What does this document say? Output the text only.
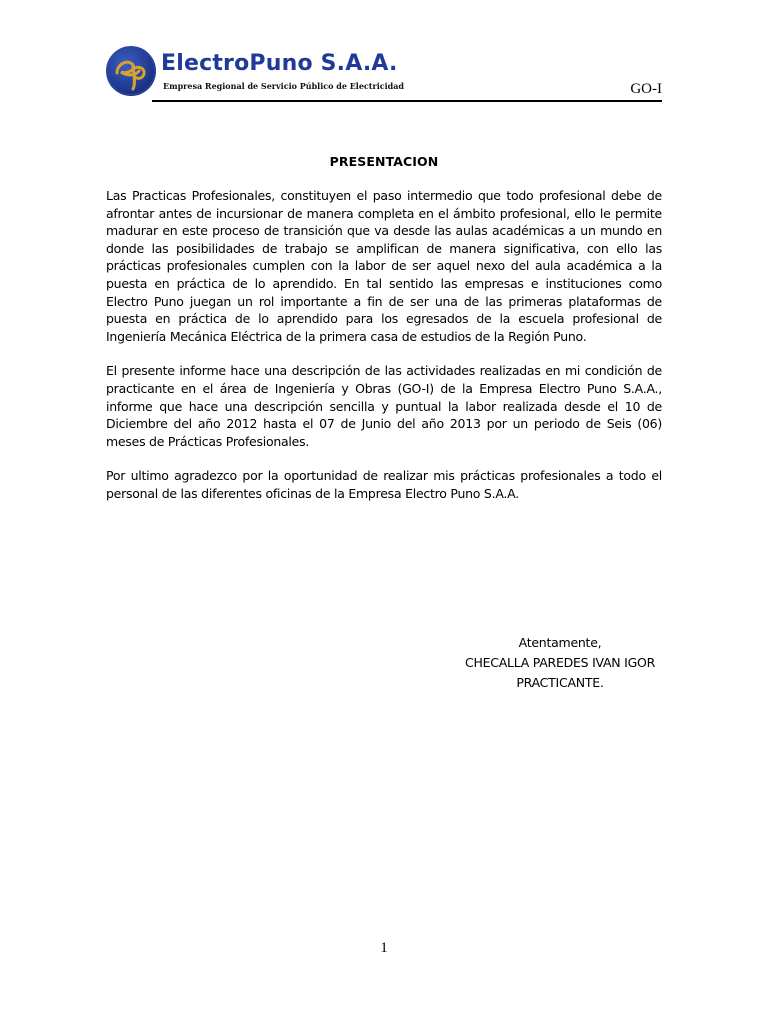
ElectroPuno S.A.A.
Empresa Regional de Servicio Público de Electricidad	GO-I
PRESENTACION

Las Practicas Profesionales, constituyen el paso intermedio que todo profesional debe de afrontar antes de incursionar de manera completa en el ámbito profesional, ello le permite madurar en este proceso de transición que va desde las aulas académicas a un mundo en donde las posibilidades de trabajo se amplifican de manera significativa, con ello las prácticas profesionales cumplen con la labor de ser aquel nexo del aula académica a la puesta en práctica de lo aprendido. En tal sentido las empresas e instituciones como Electro Puno juegan un rol importante a fin de ser una de las primeras plataformas de puesta en práctica de lo aprendido para los egresados de la escuela profesional de Ingeniería Mecánica Eléctrica de la primera casa de estudios de la Región Puno.

El presente informe hace una descripción de las actividades realizadas en mi condición de practicante en el área de Ingeniería y Obras (GO-I) de la Empresa Electro Puno S.A.A., informe que hace una descripción sencilla y puntual la labor realizada desde el 10 de Diciembre del año 2012 hasta el 07 de Junio del año 2013 por un periodo de Seis (06) meses de Prácticas Profesionales.

Por ultimo agradezco por la oportunidad de realizar mis prácticas profesionales a todo el personal de las diferentes oficinas de la Empresa Electro Puno S.A.A.

Atentamente,
CHECALLA PAREDES IVAN IGOR
PRACTICANTE.
1
